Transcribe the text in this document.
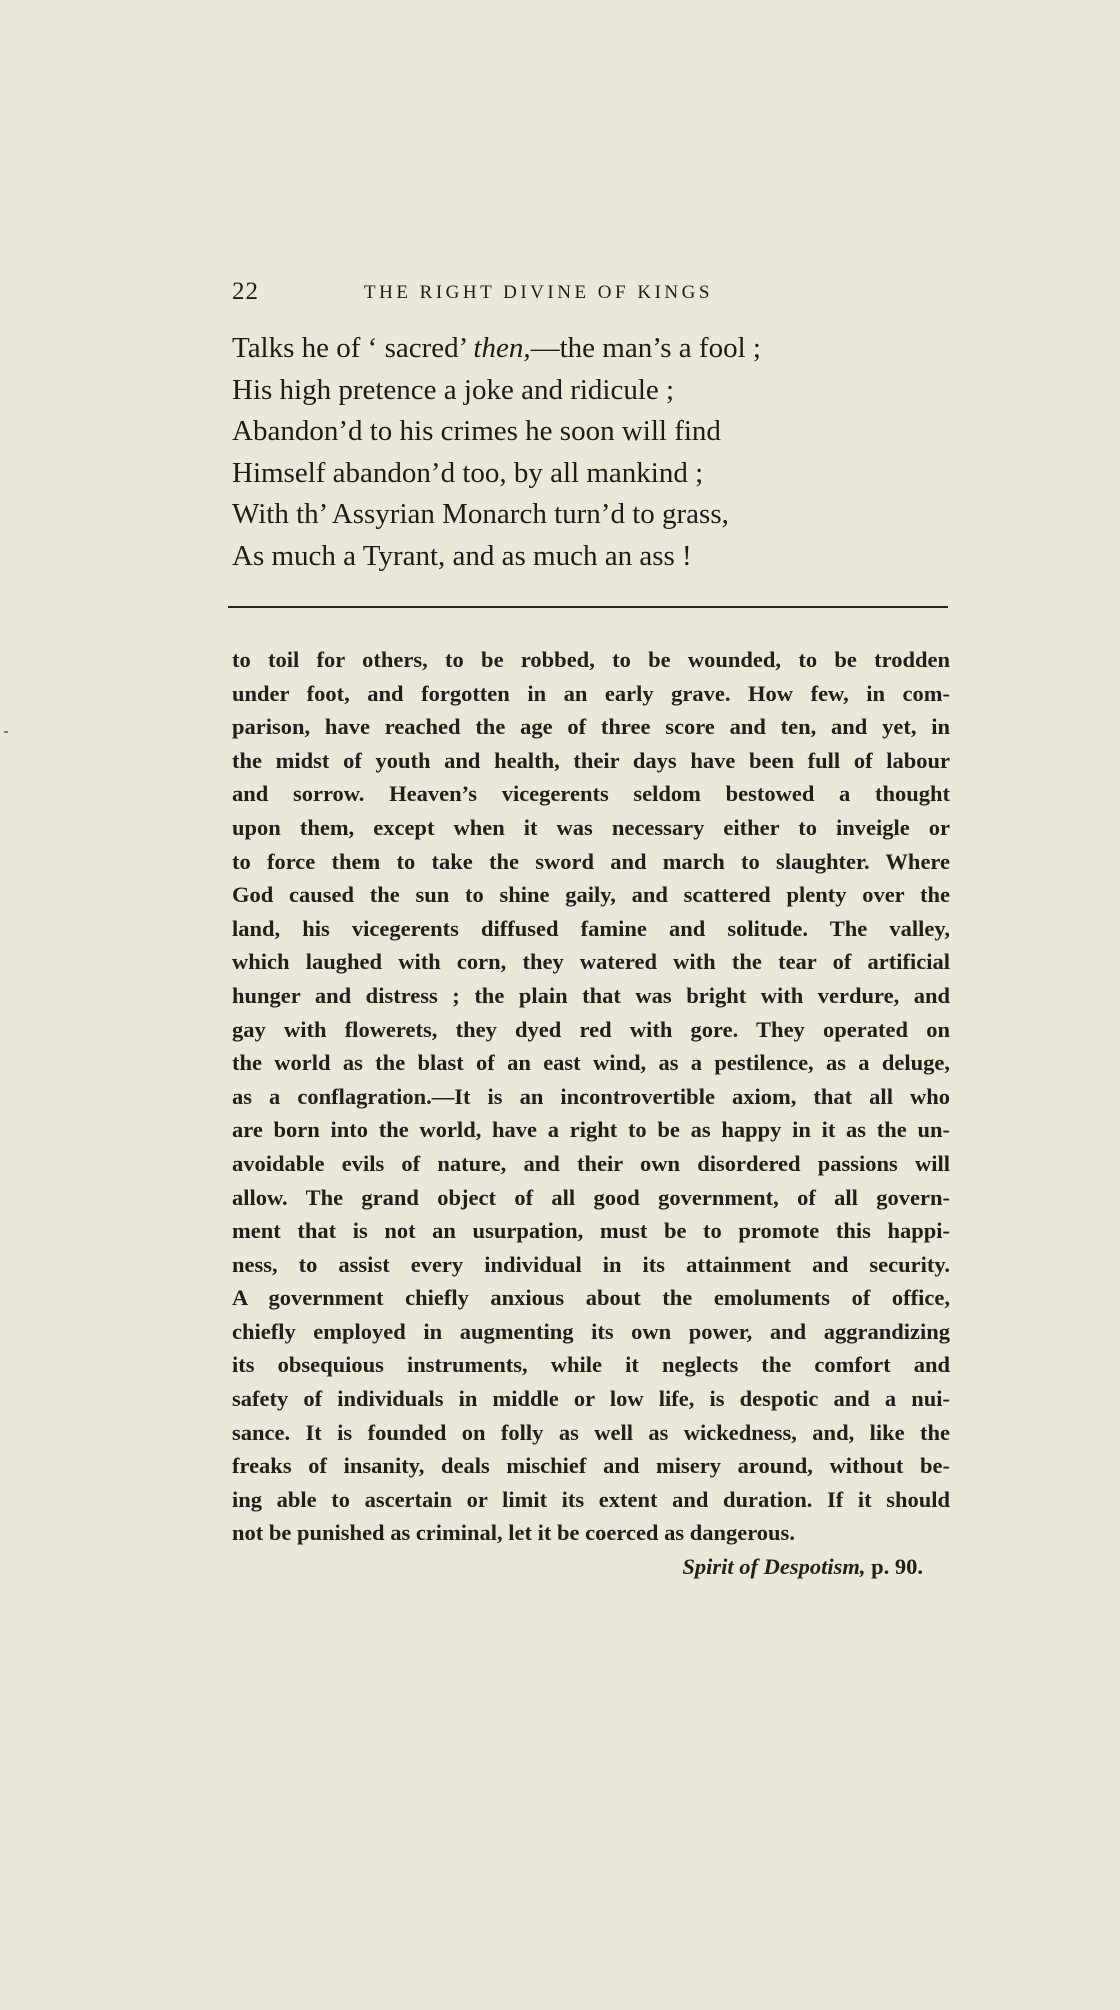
22	THE RIGHT DIVINE OF KINGS
Talks he of ‘ sacred’ then,—the man’s a fool ;
His high pretence a joke and ridicule ;
Abandon’d to his crimes he soon will find
Himself abandon’d too, by all mankind ;
With th’ Assyrian Monarch turn’d to grass,
As much a Tyrant, and as much an ass !
to toil for others, to be robbed, to be wounded, to be trodden
under foot, and forgotten in an early grave. How few, in com-
parison, have reached the age of three score and ten, and yet, in
the midst of youth and health, their days have been full of labour
and sorrow. Heaven’s vicegerents seldom bestowed a thought
upon them, except when it was necessary either to inveigle or
to force them to take the sword and march to slaughter. Where
God caused the sun to shine gaily, and scattered plenty over the
land, his vicegerents diffused famine and solitude. The valley,
which laughed with corn, they watered with the tear of artificial
hunger and distress ; the plain that was bright with verdure, and
gay with flowerets, they dyed red with gore. They operated on
the world as the blast of an east wind, as a pestilence, as a deluge,
as a conflagration.—It is an incontrovertible axiom, that all who
are born into the world, have a right to be as happy in it as the un-
avoidable evils of nature, and their own disordered passions will
allow. The grand object of all good government, of all govern-
ment that is not an usurpation, must be to promote this happi-
ness, to assist every individual in its attainment and security.
A government chiefly anxious about the emoluments of office,
chiefly employed in augmenting its own power, and aggrandizing
its obsequious instruments, while it neglects the comfort and
safety of individuals in middle or low life, is despotic and a nui-
sance. It is founded on folly as well as wickedness, and, like the
freaks of insanity, deals mischief and misery around, without be-
ing able to ascertain or limit its extent and duration. If it should
not be punished as criminal, let it be coerced as dangerous.
Spirit of Despotism, p. 90.
